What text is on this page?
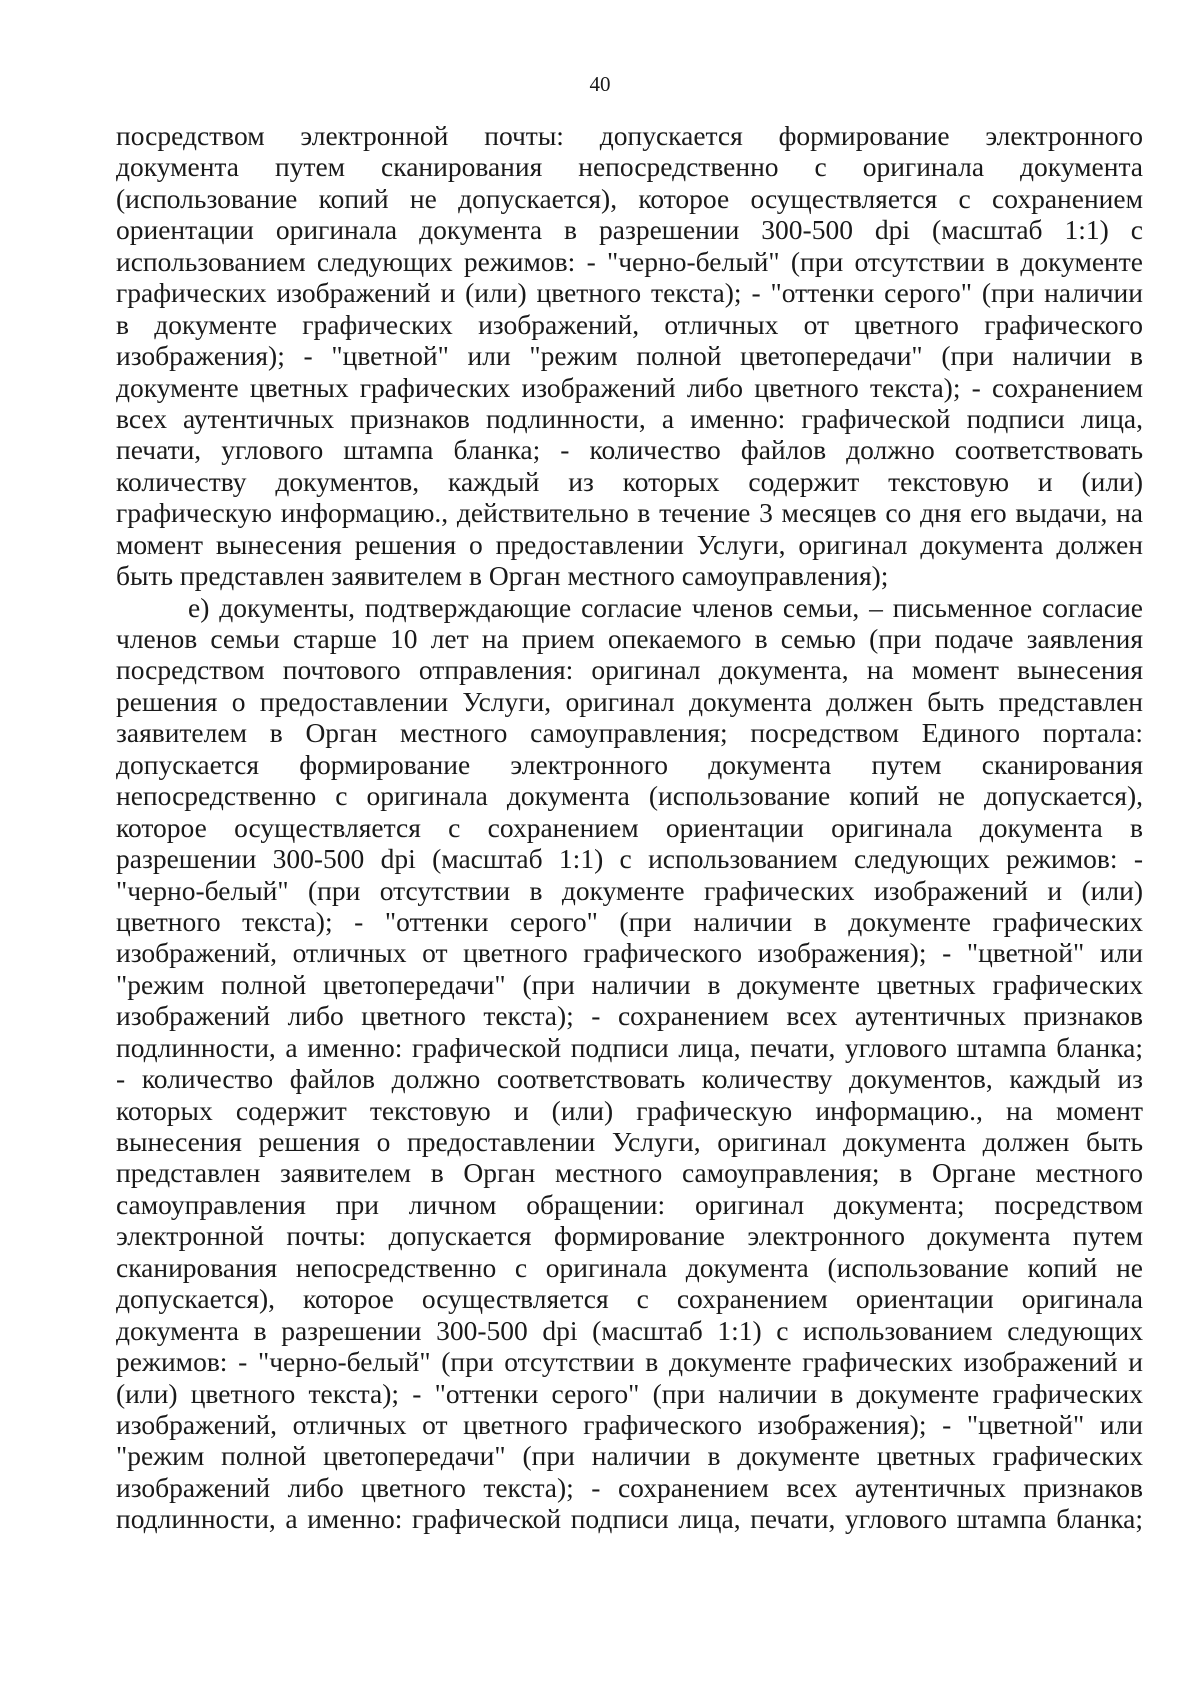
40
посредством электронной почты: допускается формирование электронного
документа путем сканирования непосредственно с оригинала документа
(использование копий не допускается), которое осуществляется с сохранением
ориентации оригинала документа в разрешении 300-500 dpi (масштаб 1:1) с
использованием следующих режимов: - "черно-белый" (при отсутствии в документе
графических изображений и (или) цветного текста); - "оттенки серого" (при наличии
в документе графических изображений, отличных от цветного графического
изображения); - "цветной" или "режим полной цветопередачи" (при наличии в
документе цветных графических изображений либо цветного текста); - сохранением
всех аутентичных признаков подлинности, а именно: графической подписи лица,
печати, углового штампа бланка; - количество файлов должно соответствовать
количеству документов, каждый из которых содержит текстовую и (или)
графическую информацию., действительно в течение 3 месяцев со дня его выдачи, на
момент вынесения решения о предоставлении Услуги, оригинал документа должен
быть представлен заявителем в Орган местного самоуправления);
е) документы, подтверждающие согласие членов семьи, – письменное согласие
членов семьи старше 10 лет на прием опекаемого в семью (при подаче заявления
посредством почтового отправления: оригинал документа, на момент вынесения
решения о предоставлении Услуги, оригинал документа должен быть представлен
заявителем в Орган местного самоуправления; посредством Единого портала:
допускается формирование электронного документа путем сканирования
непосредственно с оригинала документа (использование копий не допускается),
которое осуществляется с сохранением ориентации оригинала документа в
разрешении 300-500 dpi (масштаб 1:1) с использованием следующих режимов: -
"черно-белый" (при отсутствии в документе графических изображений и (или)
цветного текста); - "оттенки серого" (при наличии в документе графических
изображений, отличных от цветного графического изображения); - "цветной" или
"режим полной цветопередачи" (при наличии в документе цветных графических
изображений либо цветного текста); - сохранением всех аутентичных признаков
подлинности, а именно: графической подписи лица, печати, углового штампа бланка;
- количество файлов должно соответствовать количеству документов, каждый из
которых содержит текстовую и (или) графическую информацию., на момент
вынесения решения о предоставлении Услуги, оригинал документа должен быть
представлен заявителем в Орган местного самоуправления; в Органе местного
самоуправления при личном обращении: оригинал документа; посредством
электронной почты: допускается формирование электронного документа путем
сканирования непосредственно с оригинала документа (использование копий не
допускается), которое осуществляется с сохранением ориентации оригинала
документа в разрешении 300-500 dpi (масштаб 1:1) с использованием следующих
режимов: - "черно-белый" (при отсутствии в документе графических изображений и
(или) цветного текста); - "оттенки серого" (при наличии в документе графических
изображений, отличных от цветного графического изображения); - "цветной" или
"режим полной цветопередачи" (при наличии в документе цветных графических
изображений либо цветного текста); - сохранением всех аутентичных признаков
подлинности, а именно: графической подписи лица, печати, углового штампа бланка;
